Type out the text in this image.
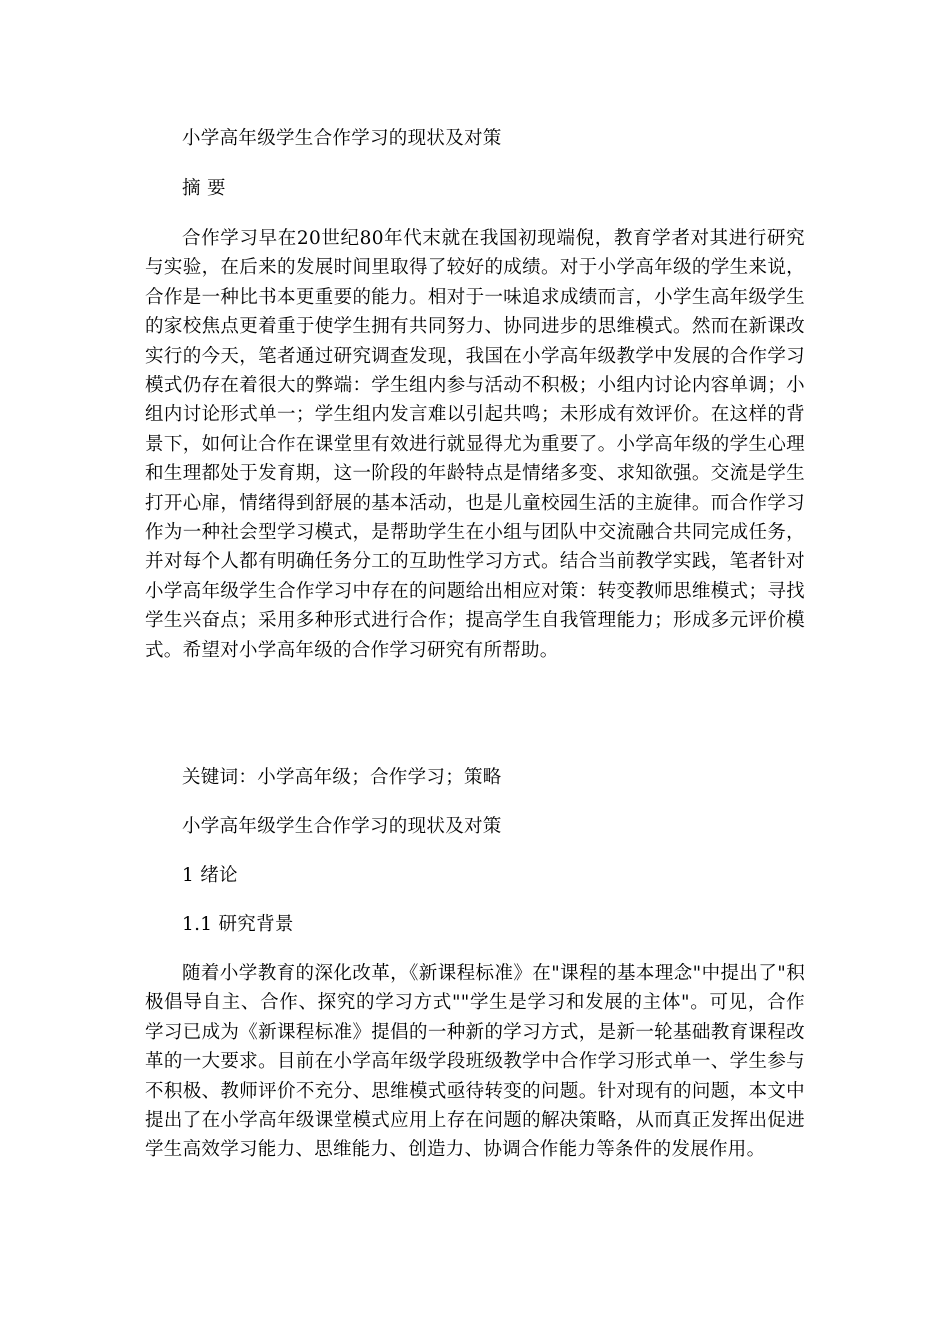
小学高年级学生合作学习的现状及对策

摘 要

合作学习早在20世纪80年代末就在我国初现端倪，教育学者对其进行研究与实验，在后来的发展时间里取得了较好的成绩。对于小学高年级的学生来说，合作是一种比书本更重要的能力。相对于一味追求成绩而言，小学生高年级学生的家校焦点更着重于使学生拥有共同努力、协同进步的思维模式。然而在新课改实行的今天，笔者通过研究调查发现，我国在小学高年级教学中发展的合作学习模式仍存在着很大的弊端：学生组内参与活动不积极；小组内讨论内容单调；小组内讨论形式单一；学生组内发言难以引起共鸣；未形成有效评价。在这样的背景下，如何让合作在课堂里有效进行就显得尤为重要了。小学高年级的学生心理和生理都处于发育期，这一阶段的年龄特点是情绪多变、求知欲强。交流是学生打开心扉，情绪得到舒展的基本活动，也是儿童校园生活的主旋律。而合作学习作为一种社会型学习模式，是帮助学生在小组与团队中交流融合共同完成任务，并对每个人都有明确任务分工的互助性学习方式。结合当前教学实践，笔者针对小学高年级学生合作学习中存在的问题给出相应对策：转变教师思维模式；寻找学生兴奋点；采用多种形式进行合作；提高学生自我管理能力；形成多元评价模式。希望对小学高年级的合作学习研究有所帮助。

关键词：小学高年级；合作学习；策略

小学高年级学生合作学习的现状及对策

1 绪论

1.1 研究背景

随着小学教育的深化改革，《新课程标准》在"课程的基本理念"中提出了"积极倡导自主、合作、探究的学习方式""学生是学习和发展的主体"。可见，合作学习已成为《新课程标准》提倡的一种新的学习方式，是新一轮基础教育课程改革的一大要求。目前在小学高年级学段班级教学中合作学习形式单一、学生参与不积极、教师评价不充分、思维模式亟待转变的问题。针对现有的问题，本文中提出了在小学高年级课堂模式应用上存在问题的解决策略，从而真正发挥出促进学生高效学习能力、思维能力、创造力、协调合作能力等条件的发展作用。
